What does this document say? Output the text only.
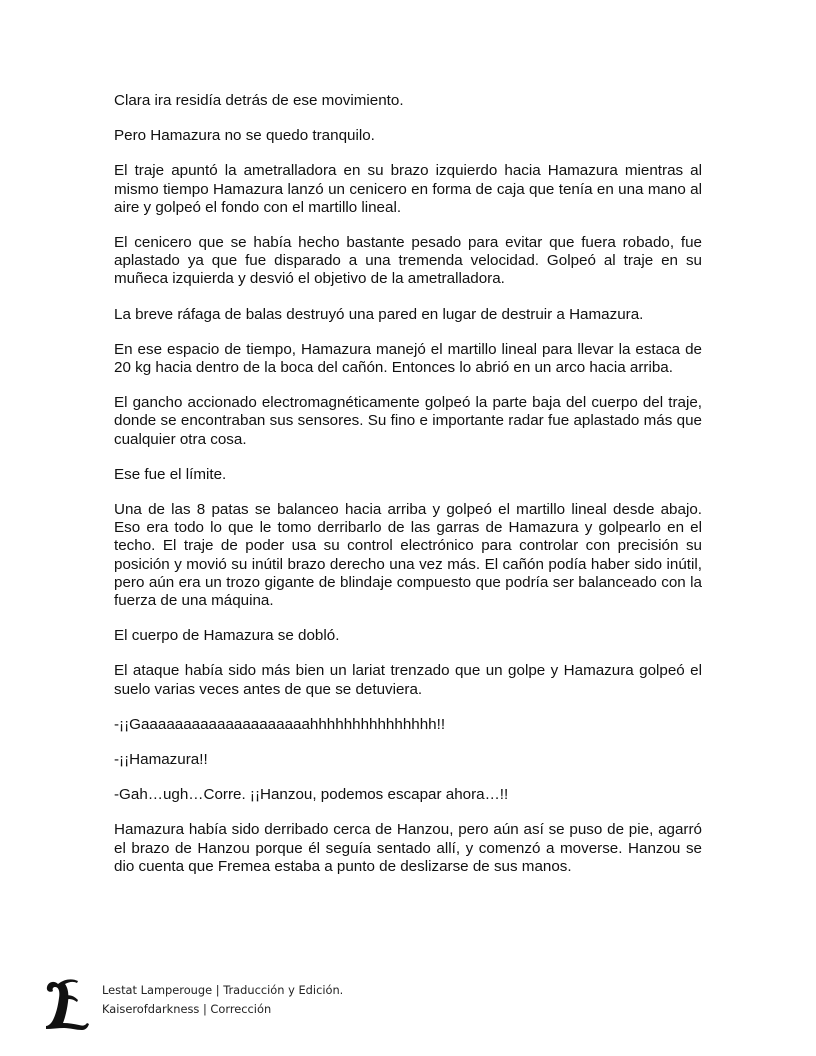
Clara ira residía detrás de ese movimiento.

Pero Hamazura no se quedo tranquilo.

El traje apuntó la ametralladora en su brazo izquierdo hacia Hamazura mientras al mismo tiempo Hamazura lanzó un cenicero en forma de caja que tenía en una mano al aire y golpeó el fondo con el martillo lineal.

El cenicero que se había hecho bastante pesado para evitar que fuera robado, fue aplastado ya que fue disparado a una tremenda velocidad. Golpeó al traje en su muñeca izquierda y desvió el objetivo de la ametralladora.

La breve ráfaga de balas destruyó una pared en lugar de destruir a Hamazura.

En ese espacio de tiempo, Hamazura manejó el martillo lineal para llevar la estaca de 20 kg hacia dentro de la boca del cañón. Entonces lo abrió en un arco hacia arriba.

El gancho accionado electromagnéticamente golpeó la parte baja del cuerpo del traje, donde se encontraban sus sensores. Su fino e importante radar fue aplastado más que cualquier otra cosa.

Ese fue el límite.

Una de las 8 patas se balanceo hacia arriba y golpeó el martillo lineal desde abajo. Eso era todo lo que le tomo derribarlo de las garras de Hamazura y golpearlo en el techo. El traje de poder usa su control electrónico para controlar con precisión su posición y movió su inútil brazo derecho una vez más. El cañón podía haber sido inútil, pero aún era un trozo gigante de blindaje compuesto que podría ser balanceado con la fuerza de una máquina.

El cuerpo de Hamazura se dobló.

El ataque había sido más bien un lariat trenzado que un golpe y Hamazura golpeó el suelo varias veces antes de que se detuviera.

-¡¡Gaaaaaaaaaaaaaaaaaaaahhhhhhhhhhhhhhh!!

-¡¡Hamazura!!

-Gah…ugh…Corre. ¡¡Hanzou, podemos escapar ahora…!!

Hamazura había sido derribado cerca de Hanzou, pero aún así se puso de pie, agarró el brazo de Hanzou porque él seguía sentado allí, y comenzó a moverse. Hanzou se dio cuenta que Fremea estaba a punto de deslizarse de sus manos.

Lestat Lamperouge | Traducción y Edición.
Kaiserofdarkness | Corrección
